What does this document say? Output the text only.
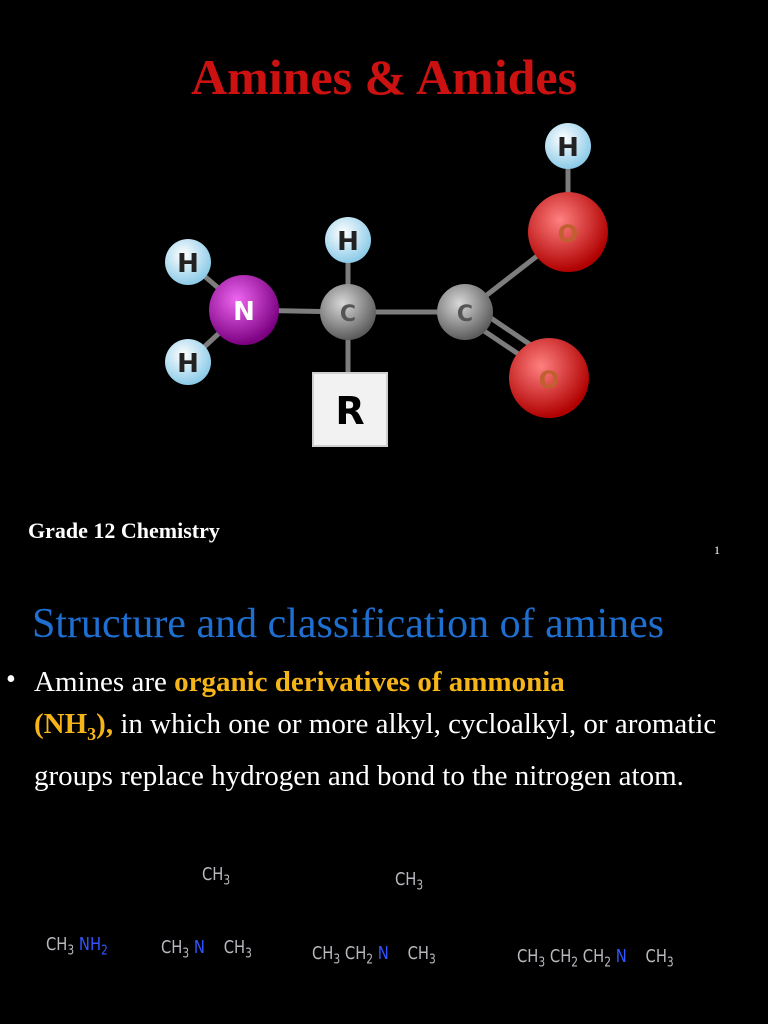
Amines & Amides
H
O
H
H
N	C	C
H
O
R
Grade 12 Chemistry
1
Structure and classification of amines
• Amines are organic derivatives of ammonia
$(NH_3)$, in which one or more alkyl, cycloalkyl, or aromatic groups replace hydrogen and bond to the nitrogen atom.
$CH_3$ $NH_2$
$CH_3$
$CH_3$ N $CH_3$
$CH_3$
$CH_3$ $CH_2$ N $CH_3$	$CH_3$ $CH_2$ $CH_2$ N $CH_3$
